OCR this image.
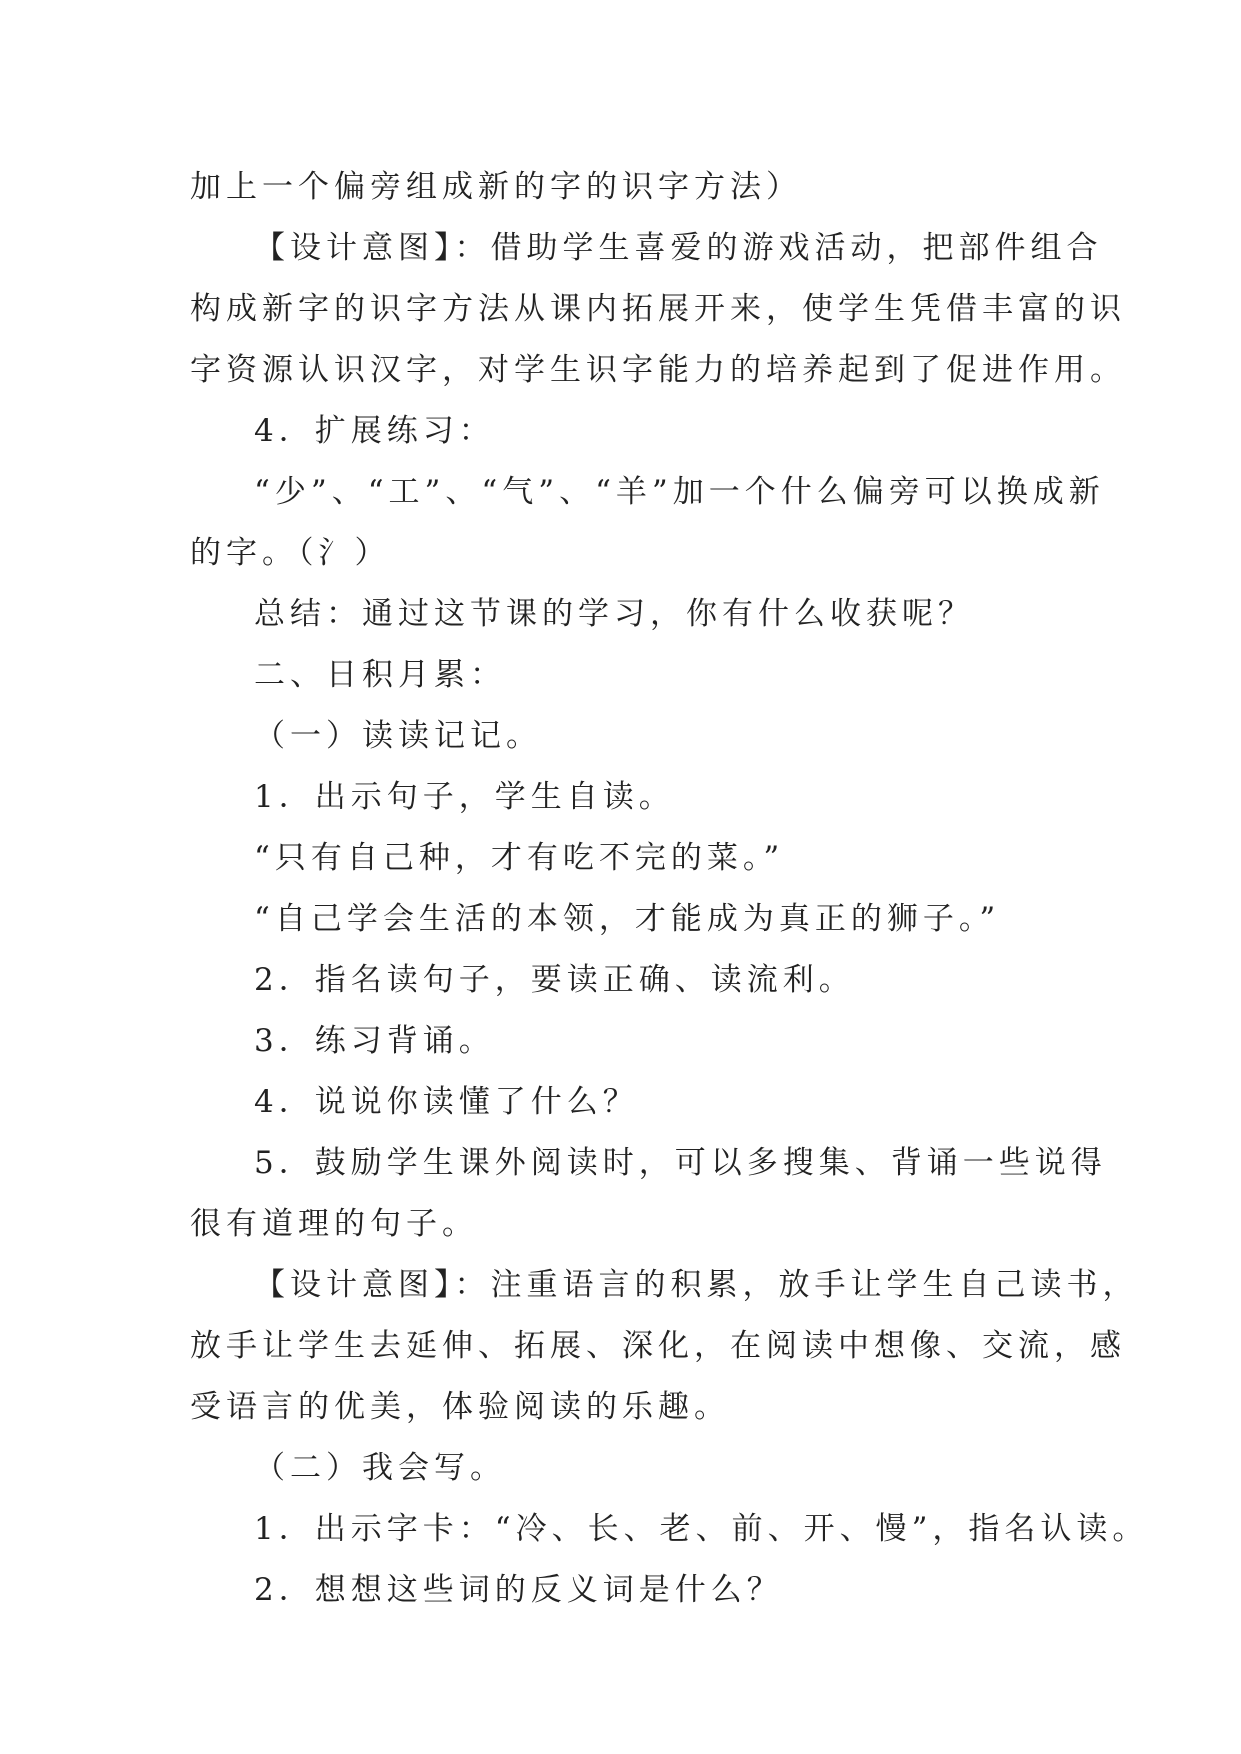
加上一个偏旁组成新的字的识字方法）
【设计意图】：借助学生喜爱的游戏活动，把部件组合
构成新字的识字方法从课内拓展开来，使学生凭借丰富的识
字资源认识汉字，对学生识字能力的培养起到了促进作用。
4．扩展练习：
“少”、“工”、“气”、“羊”加一个什么偏旁可以换成新
的字。（氵）
总结：通过这节课的学习，你有什么收获呢？
二、日积月累：
（一）读读记记。
1．出示句子，学生自读。
“只有自己种，才有吃不完的菜。”
“自己学会生活的本领，才能成为真正的狮子。”
2．指名读句子，要读正确、读流利。
3．练习背诵。
4．说说你读懂了什么？
5．鼓励学生课外阅读时，可以多搜集、背诵一些说得
很有道理的句子。
【设计意图】：注重语言的积累，放手让学生自己读书，
放手让学生去延伸、拓展、深化，在阅读中想像、交流，感
受语言的优美，体验阅读的乐趣。
（二）我会写。
1．出示字卡：“冷、长、老、前、开、慢”，指名认读。
2．想想这些词的反义词是什么？
